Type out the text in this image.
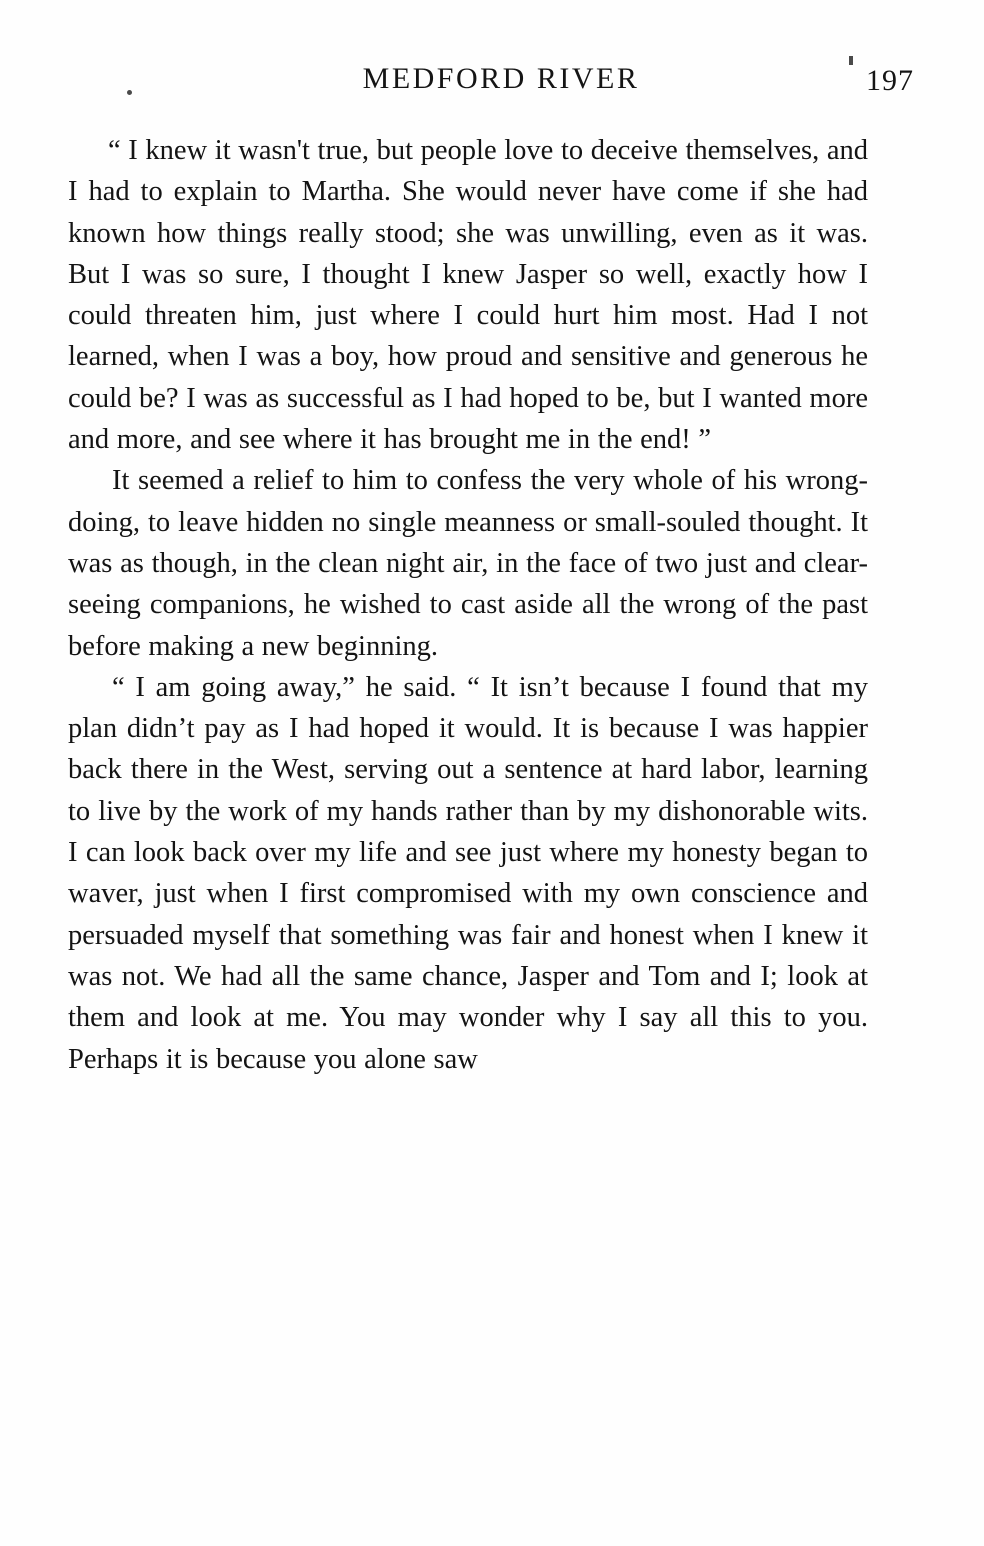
MEDFORD RIVER	197

“ I knew it wasn't true, but people love to deceive themselves, and I had to explain to Martha. She would never have come if she had known how things really stood; she was unwilling, even as it was. But I was so sure, I thought I knew Jasper so well, exactly how I could threaten him, just where I could hurt him most. Had I not learned, when I was a boy, how proud and sensitive and generous he could be? I was as successful as I had hoped to be, but I wanted more and more, and see where it has brought me in the end! ”

It seemed a relief to him to confess the very whole of his wrong-doing, to leave hidden no single meanness or small-souled thought. It was as though, in the clean night air, in the face of two just and clear-seeing companions, he wished to cast aside all the wrong of the past before making a new beginning.

“ I am going away,” he said. “ It isn’t because I found that my plan didn’t pay as I had hoped it would. It is because I was happier back there in the West, serving out a sentence at hard labor, learning to live by the work of my hands rather than by my dishonorable wits. I can look back over my life and see just where my honesty began to waver, just when I first compromised with my own conscience and persuaded myself that something was fair and honest when I knew it was not. We had all the same chance, Jasper and Tom and I; look at them and look at me. You may wonder why I say all this to you. Perhaps it is because you alone saw
